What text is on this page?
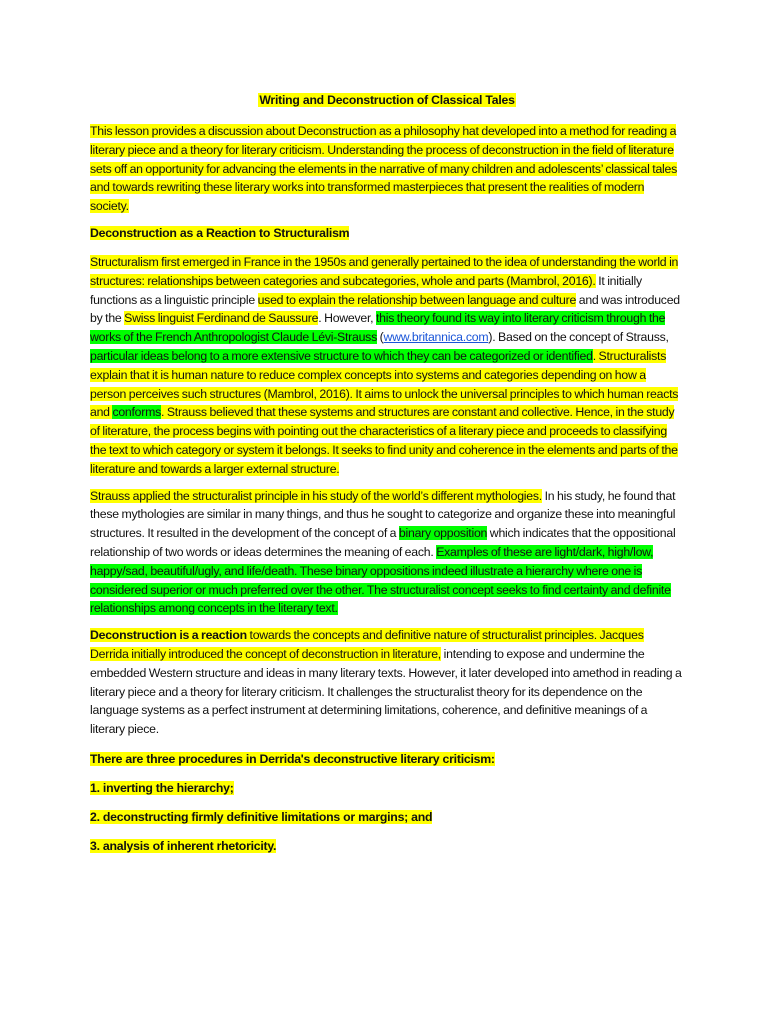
Writing and Deconstruction of Classical Tales

This lesson provides a discussion about Deconstruction as a philosophy hat developed into a method for reading a literary piece and a theory for literary criticism. Understanding the process of deconstruction in the field of literature sets off an opportunity for advancing the elements in the narrative of many children and adolescents’ classical tales and towards rewriting these literary works into transformed masterpieces that present the realities of modern society.

Deconstruction as a Reaction to Structuralism

Structuralism first emerged in France in the 1950s and generally pertained to the idea of understanding the world in structures: relationships between categories and subcategories, whole and parts (Mambrol, 2016). It initially functions as a linguistic principle used to explain the relationship between language and culture and was introduced by the Swiss linguist Ferdinand de Saussure. However, this theory found its way into literary criticism through the works of the French Anthropologist Claude Lévi-Strauss (www.britannica.com). Based on the concept of Strauss, particular ideas belong to a more extensive structure to which they can be categorized or identified. Structuralists explain that it is human nature to reduce complex concepts into systems and categories depending on how a person perceives such structures (Mambrol, 2016). It aims to unlock the universal principles to which human reacts and conforms. Strauss believed that these systems and structures are constant and collective. Hence, in the study of literature, the process begins with pointing out the characteristics of a literary piece and proceeds to classifying the text to which category or system it belongs. It seeks to find unity and coherence in the elements and parts of the literature and towards a larger external structure.

Strauss applied the structuralist principle in his study of the world’s different mythologies. In his study, he found that these mythologies are similar in many things, and thus he sought to categorize and organize these into meaningful structures. It resulted in the development of the concept of a binary opposition which indicates that the oppositional relationship of two words or ideas determines the meaning of each. Examples of these are light/dark, high/low, happy/sad, beautiful/ugly, and life/death. These binary oppositions indeed illustrate a hierarchy where one is considered superior or much preferred over the other. The structuralist concept seeks to find certainty and definite relationships among concepts in the literary text.

Deconstruction is a reaction towards the concepts and definitive nature of structuralist principles. Jacques Derrida initially introduced the concept of deconstruction in literature, intending to expose and undermine the embedded Western structure and ideas in many literary texts. However, it later developed into amethod in reading a literary piece and a theory for literary criticism. It challenges the structuralist theory for its dependence on the language systems as a perfect instrument at determining limitations, coherence, and definitive meanings of a literary piece.

There are three procedures in Derrida's deconstructive literary criticism:

1. inverting the hierarchy;

2. deconstructing firmly definitive limitations or margins; and

3. analysis of inherent rhetoricity.
